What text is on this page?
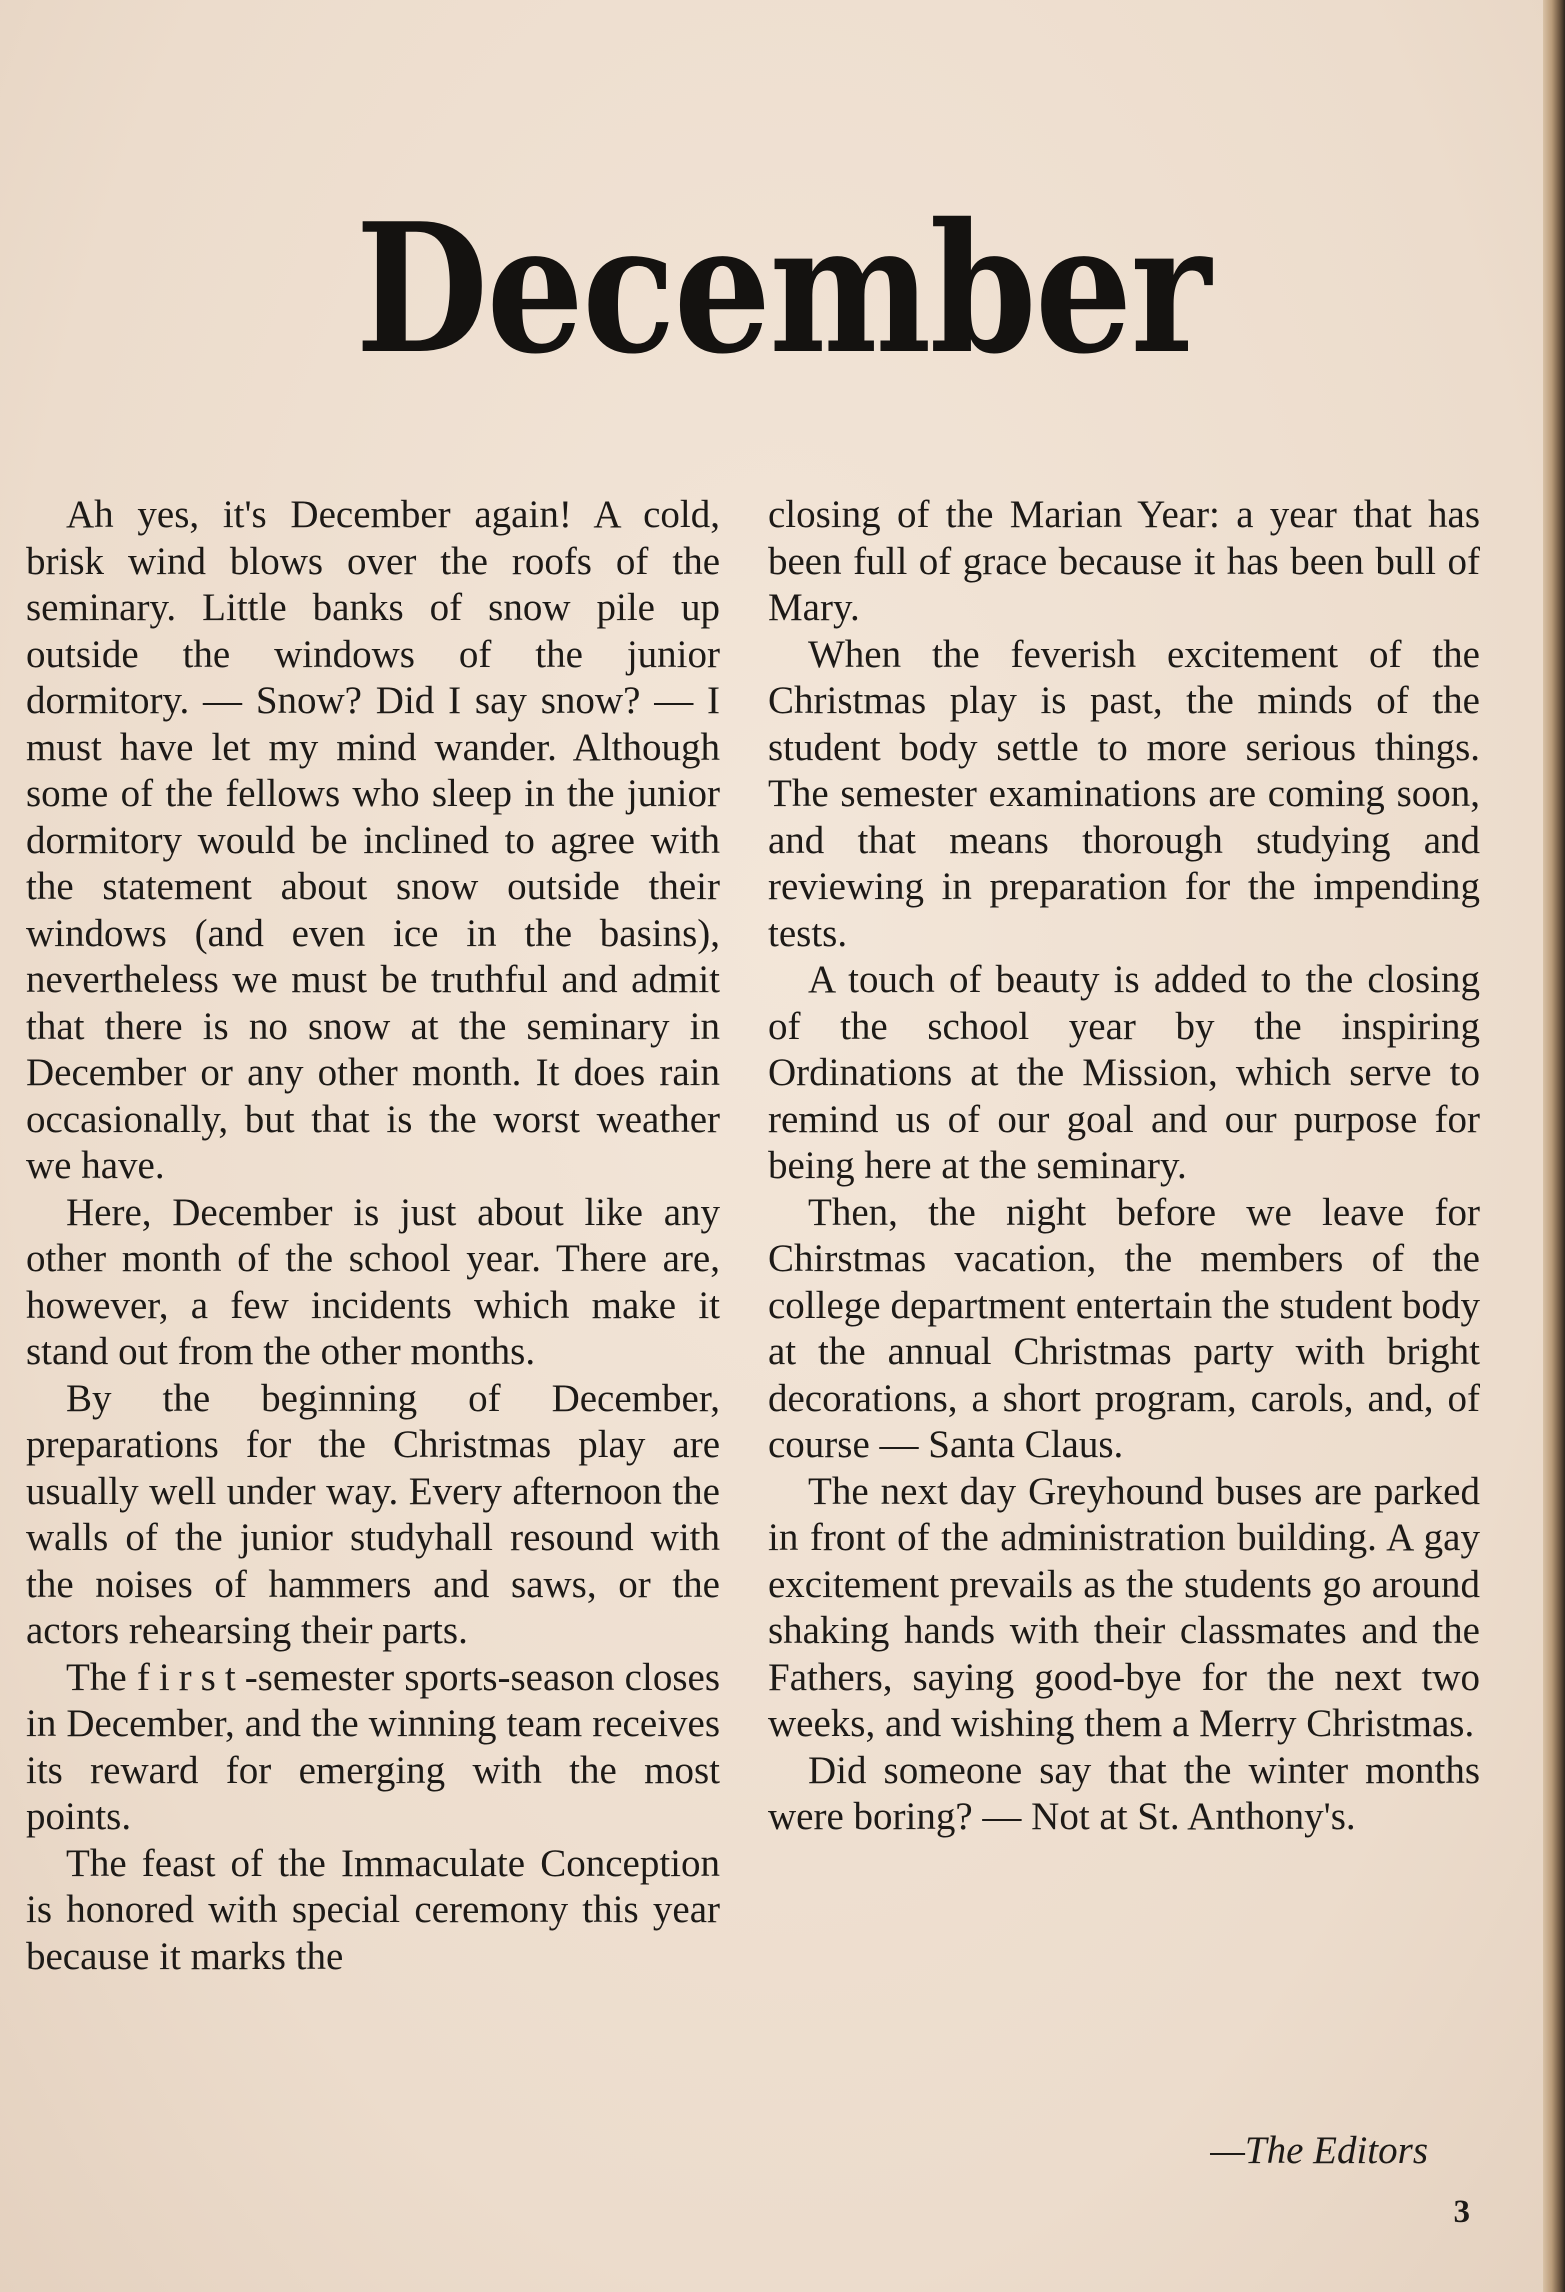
December

Ah yes, it's December again! A cold, brisk wind blows over the roofs of the seminary. Little banks of snow pile up outside the windows of the junior dormitory. — Snow? Did I say snow? — I must have let my mind wander. Although some of the fellows who sleep in the junior dormitory would be inclined to agree with the statement about snow outside their windows (and even ice in the basins), nevertheless we must be truthful and admit that there is no snow at the seminary in December or any other month. It does rain occasionally, but that is the worst weather we have.

Here, December is just about like any other month of the school year. There are, however, a few incidents which make it stand out from the other months.

By the beginning of December, preparations for the Christmas play are usually well under way. Every afternoon the walls of the junior studyhall resound with the noises of hammers and saws, or the actors rehearsing their parts.

The first-semester sports-season closes in December, and the winning team receives its reward for emerging with the most points.

The feast of the Immaculate Conception is honored with special ceremony this year because it marks the

closing of the Marian Year: a year that has been full of grace because it has been bull of Mary.

When the feverish excitement of the Christmas play is past, the minds of the student body settle to more serious things. The semester examinations are coming soon, and that means thorough studying and reviewing in preparation for the impending tests.

A touch of beauty is added to the closing of the school year by the inspiring Ordinations at the Mission, which serve to remind us of our goal and our purpose for being here at the seminary.

Then, the night before we leave for Chirstmas vacation, the members of the college department entertain the student body at the annual Christmas party with bright decorations, a short program, carols, and, of course — Santa Claus.

The next day Greyhound buses are parked in front of the administration building. A gay excitement prevails as the students go around shaking hands with their classmates and the Fathers, saying good-bye for the next two weeks, and wishing them a Merry Christmas.

Did someone say that the winter months were boring? — Not at St. Anthony's.

—The Editors
3
